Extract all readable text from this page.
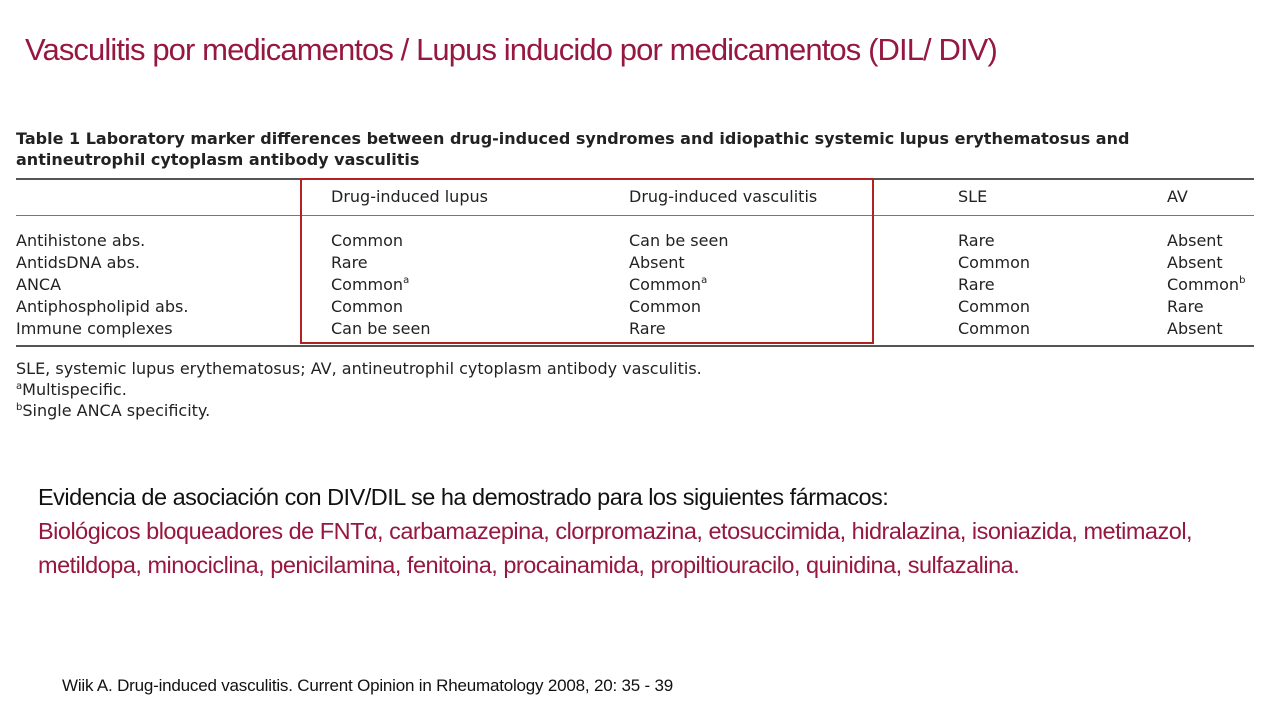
Vasculitis por medicamentos / Lupus inducido por medicamentos (DIL/ DIV)
Table 1 Laboratory marker differences between drug-induced syndromes and idiopathic systemic lupus erythematosus and antineutrophil cytoplasm antibody vasculitis
Drug-induced lupus	Drug-induced vasculitis	SLE	AV
Antihistone abs.	Common	Can be seen	Rare	Absent
AntidsDNA abs.	Rare	Absent	Common	Absent
ANCA	Common$^a$	Common$^a$	Rare	Common$^b$
Antiphospholipid abs.	Common	Common	Common	Rare
Immune complexes	Can be seen	Rare	Common	Absent
SLE, systemic lupus erythematosus; AV, antineutrophil cytoplasm antibody vasculitis.
$^a$Multispecific.
$^b$Single ANCA specificity.
Evidencia de asociación con DIV/DIL se ha demostrado para los siguientes fármacos:
Biológicos bloqueadores de FNTα, carbamazepina, clorpromazina, etosuccimida, hidralazina, isoniazida, metimazol, metildopa, minociclina, penicilamina, fenitoina, procainamida, propiltiouracilo, quinidina, sulfazalina.
Wiik A. Drug-induced vasculitis. Current Opinion in Rheumatology 2008, 20: 35 - 39
